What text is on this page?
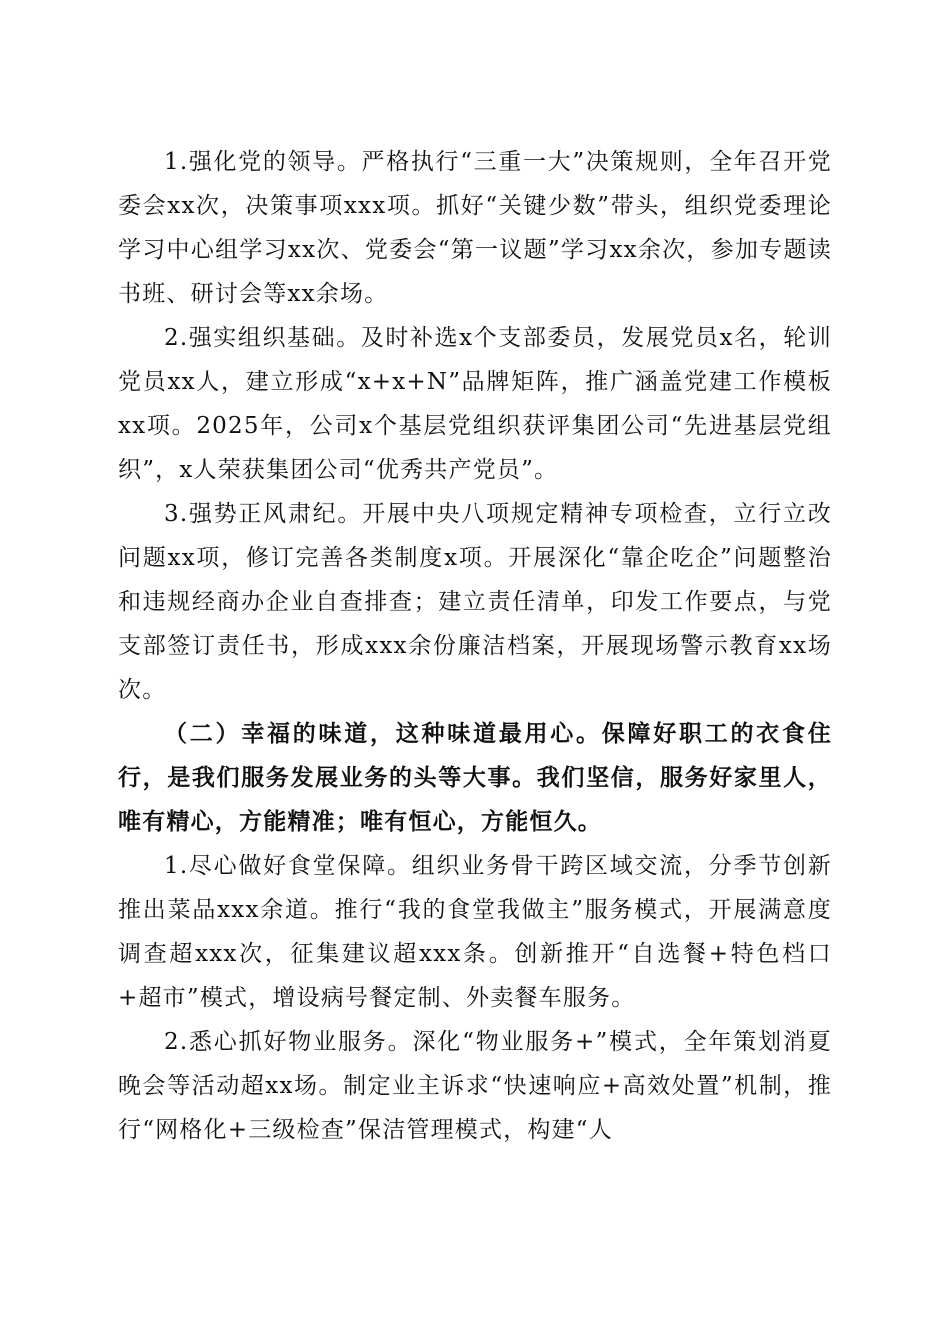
1.强化党的领导。严格执行“三重一大”决策规则，全年召开党委会xx次，决策事项xxx项。抓好“关键少数”带头，组织党委理论学习中心组学习xx次、党委会“第一议题”学习xx余次，参加专题读书班、研讨会等xx余场。

2.强实组织基础。及时补选x个支部委员，发展党员x名，轮训党员xx人，建立形成“x+x+N”品牌矩阵，推广涵盖党建工作模板xx项。2025年，公司x个基层党组织获评集团公司“先进基层党组织”，x人荣获集团公司“优秀共产党员”。

3.强势正风肃纪。开展中央八项规定精神专项检查，立行立改问题xx项，修订完善各类制度x项。开展深化“靠企吃企”问题整治和违规经商办企业自查排查；建立责任清单，印发工作要点，与党支部签订责任书，形成xxx余份廉洁档案，开展现场警示教育xx场次。

（二）幸福的味道，这种味道最用心。保障好职工的衣食住行，是我们服务发展业务的头等大事。我们坚信，服务好家里人，唯有精心，方能精准；唯有恒心，方能恒久。

1.尽心做好食堂保障。组织业务骨干跨区域交流，分季节创新推出菜品xxx余道。推行“我的食堂我做主”服务模式，开展满意度调查超xxx次，征集建议超xxx条。创新推开“自选餐+特色档口+超市”模式，增设病号餐定制、外卖餐车服务。

2.悉心抓好物业服务。深化“物业服务+”模式，全年策划消夏晚会等活动超xx场。制定业主诉求“快速响应+高效处置”机制，推行“网格化+三级检查”保洁管理模式，构建“人
